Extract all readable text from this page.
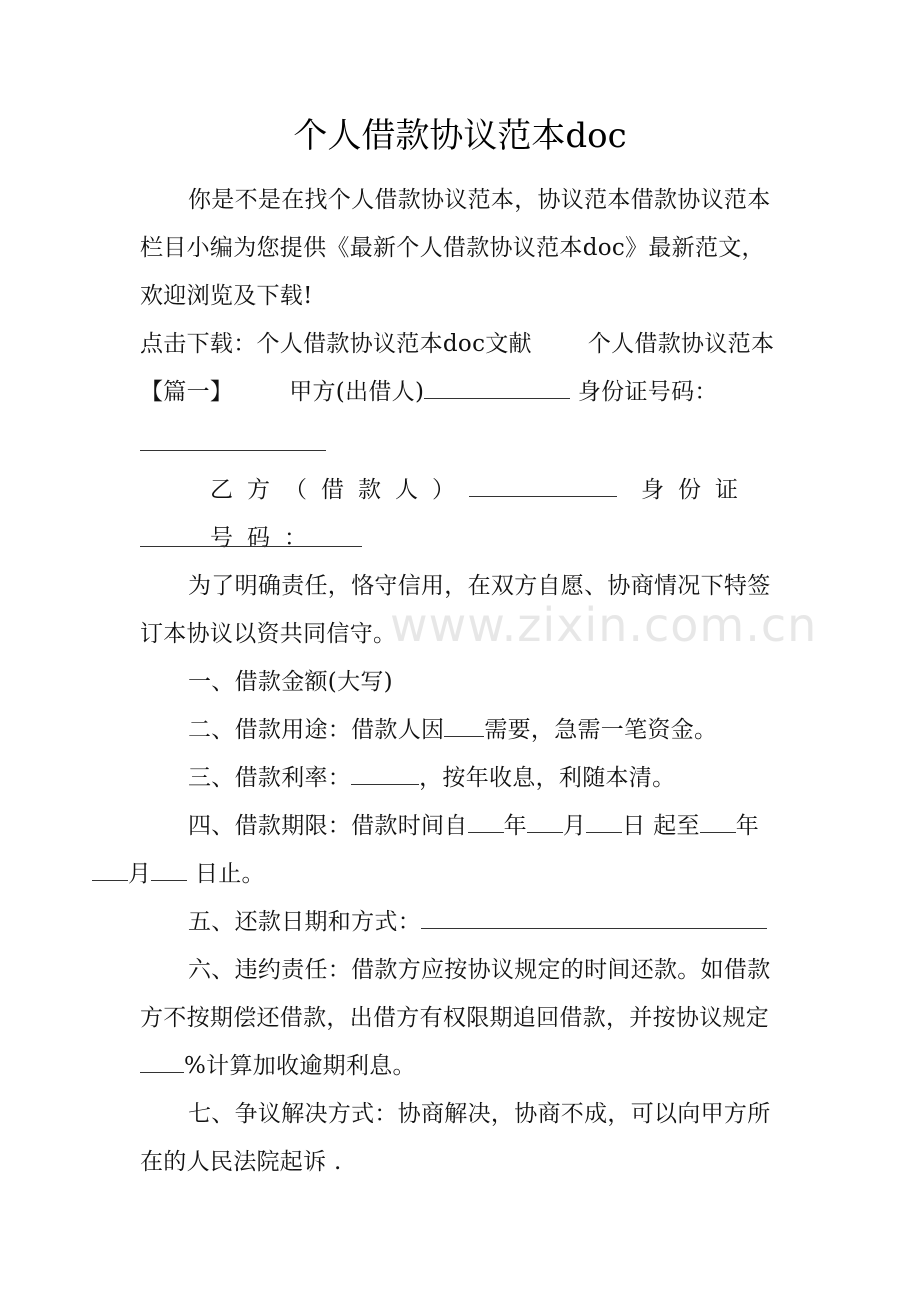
个人借款协议范本doc
你是不是在找个人借款协议范本，协议范本借款协议范本栏目小编为您提供《最新个人借款协议范本doc》最新范文，欢迎浏览及下载!
点击下载：个人借款协议范本doc文献 个人借款协议范本【篇一】 甲方(出借人)	身份证号码：
乙方（借款人）	身份证号码：
为了明确责任，恪守信用，在双方自愿、协商情况下特签订本协议以资共同信守。
一、借款金额(大写)
二、借款用途：借款人因 需要，急需一笔资金。
三、借款利率：	，按年收息，利随本清。
四、借款期限：借款时间自 年 月 日 起至 年
月 日止。
五、还款日期和方式：
六、违约责任：借款方应按协议规定的时间还款。如借款方不按期偿还借款，出借方有权限期追回借款，并按协议规定%计算加收逾期利息。
七、争议解决方式：协商解决，协商不成，可以向甲方所在的人民法院起诉 .
www.zixin.com.cn
